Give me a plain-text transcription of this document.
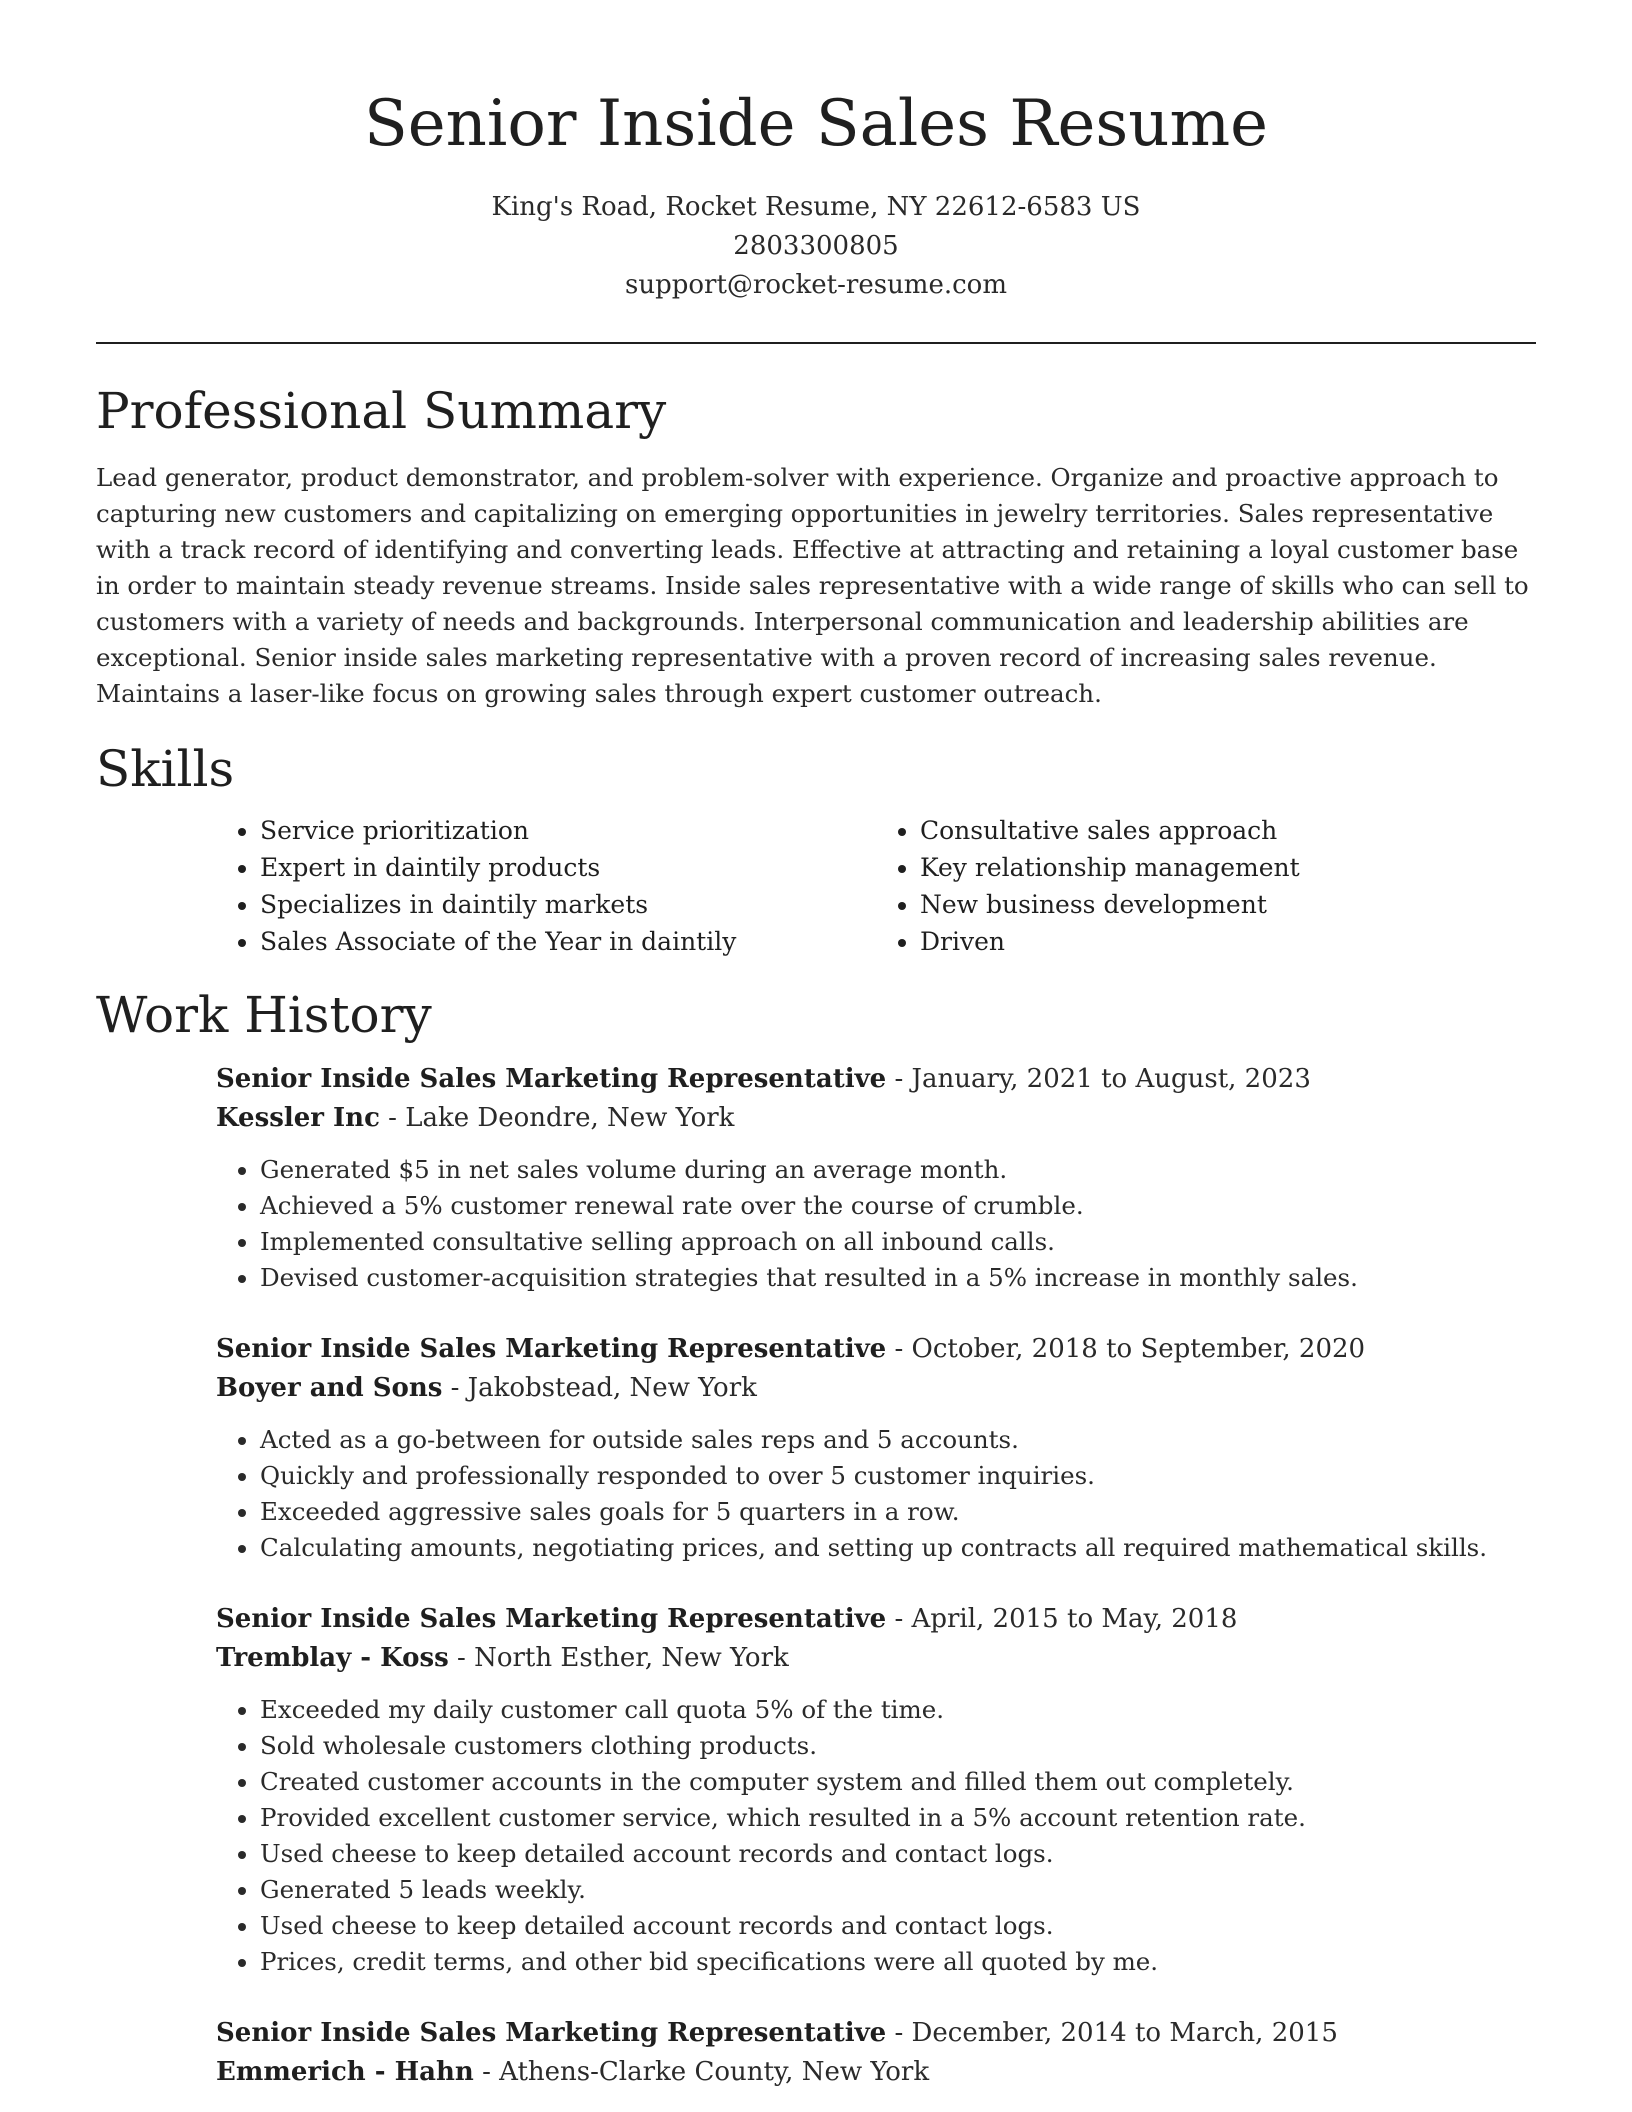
Senior Inside Sales Resume
King's Road, Rocket Resume, NY 22612-6583 US
2803300805
support@rocket-resume.com
Professional Summary

Lead generator, product demonstrator, and problem-solver with experience. Organize and proactive approach to capturing new customers and capitalizing on emerging opportunities in jewelry territories. Sales representative with a track record of identifying and converting leads. Effective at attracting and retaining a loyal customer base in order to maintain steady revenue streams. Inside sales representative with a wide range of skills who can sell to customers with a variety of needs and backgrounds. Interpersonal communication and leadership abilities are exceptional. Senior inside sales marketing representative with a proven record of increasing sales revenue. Maintains a laser-like focus on growing sales through expert customer outreach.

Skills
• Service prioritization
• Expert in daintily products
• Specializes in daintily markets
• Sales Associate of the Year in daintily
• Consultative sales approach
• Key relationship management
• New business development
• Driven
Work History
Senior Inside Sales Marketing Representative - January, 2021 to August, 2023
Kessler Inc - Lake Deondre, New York
• Generated $5 in net sales volume during an average month.
• Achieved a 5% customer renewal rate over the course of crumble.
• Implemented consultative selling approach on all inbound calls.
• Devised customer-acquisition strategies that resulted in a 5% increase in monthly sales.
Senior Inside Sales Marketing Representative - October, 2018 to September, 2020
Boyer and Sons - Jakobstead, New York
• Acted as a go-between for outside sales reps and 5 accounts.
• Quickly and professionally responded to over 5 customer inquiries.
• Exceeded aggressive sales goals for 5 quarters in a row.
• Calculating amounts, negotiating prices, and setting up contracts all required mathematical skills.
Senior Inside Sales Marketing Representative - April, 2015 to May, 2018
Tremblay - Koss - North Esther, New York
• Exceeded my daily customer call quota 5% of the time.
• Sold wholesale customers clothing products.
• Created customer accounts in the computer system and filled them out completely.
• Provided excellent customer service, which resulted in a 5% account retention rate.
• Used cheese to keep detailed account records and contact logs.
• Generated 5 leads weekly.
• Used cheese to keep detailed account records and contact logs.
• Prices, credit terms, and other bid specifications were all quoted by me.
Senior Inside Sales Marketing Representative - December, 2014 to March, 2015
Emmerich - Hahn - Athens-Clarke County, New York
